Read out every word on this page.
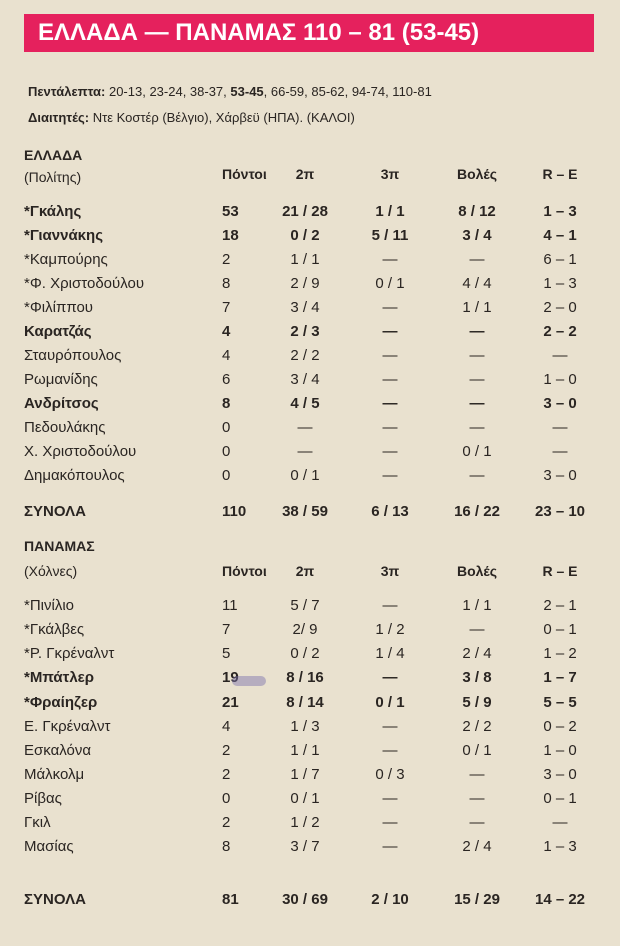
ΕΛΛΑΔΑ — ΠΑΝΑΜΑΣ 110 – 81 (53-45)
Πεντάλεπτα: 20-13, 23-24, 38-37, 53-45, 66-59, 85-62, 94-74, 110-81
Διαιτητές: Ντε Κοστέρ (Βέλγιο), Χάρβεϋ (ΗΠΑ). (ΚΑΛΟΙ)
ΕΛΛΑΔΑ
(Πολίτης)	Πόντοι 2π	3π	Βολές	R – E
*Γκάλης	53	21 / 28	1 / 1	8 / 12	1 – 3
*Γιαννάκης	18	0 / 2	5 / 11	3 / 4	4 – 1
*Καμπούρης	2	1 / 1	—	—	6 – 1
*Φ. Χριστοδούλου	8	2 / 9	0 / 1	4 / 4	1 – 3
*Φιλίππου	7	3 / 4	—	1 / 1	2 – 0
Καρατζάς	4	2 / 3	—	—	2 – 2
Σταυρόπουλος	4	2 / 2	—	—	—
Ρωμανίδης	6	3 / 4	—	—	1 – 0
Ανδρίτσος	8	4 / 5	—	—	3 – 0
Πεδουλάκης	0	—	—	—	—
Χ. Χριστοδούλου	0	—	—	0 / 1	—
Δημακόπουλος	0	0 / 1	—	—	3 – 0
ΣΥΝΟΛΑ	110 38 / 59	6 / 13	16 / 22 23 – 10
ΠΑΝΑΜΑΣ
(Χόλνες)	Πόντοι 2π	3π	Βολές	R – E
*Πινίλιο	11	5 / 7	—	1 / 1	2 – 1
*Γκάλβες	7	2/ 9	1 / 2	—	0 – 1
*Ρ. Γκρέναλντ	5	0 / 2	1 / 4	2 / 4	1 – 2
*Μπάτλερ	19	8 / 16	—	3 / 8	1 – 7
*Φραίηζερ	21	8 / 14	0 / 1	5 / 9	5 – 5
Ε. Γκρέναλντ	4	1 / 3	—	2 / 2	0 – 2
Εσκαλόνα	2	1 / 1	—	0 / 1	1 – 0
Μάλκολμ	2	1 / 7	0 / 3	—	3 – 0
Ρίβας	0	0 / 1	—	—	0 – 1
Γκιλ	2	1 / 2	—	—	—
Μασίας	8	3 / 7	—	2 / 4	1 – 3
ΣΥΝΟΛΑ	81	30 / 69	2 / 10	15 / 29 14 – 22
